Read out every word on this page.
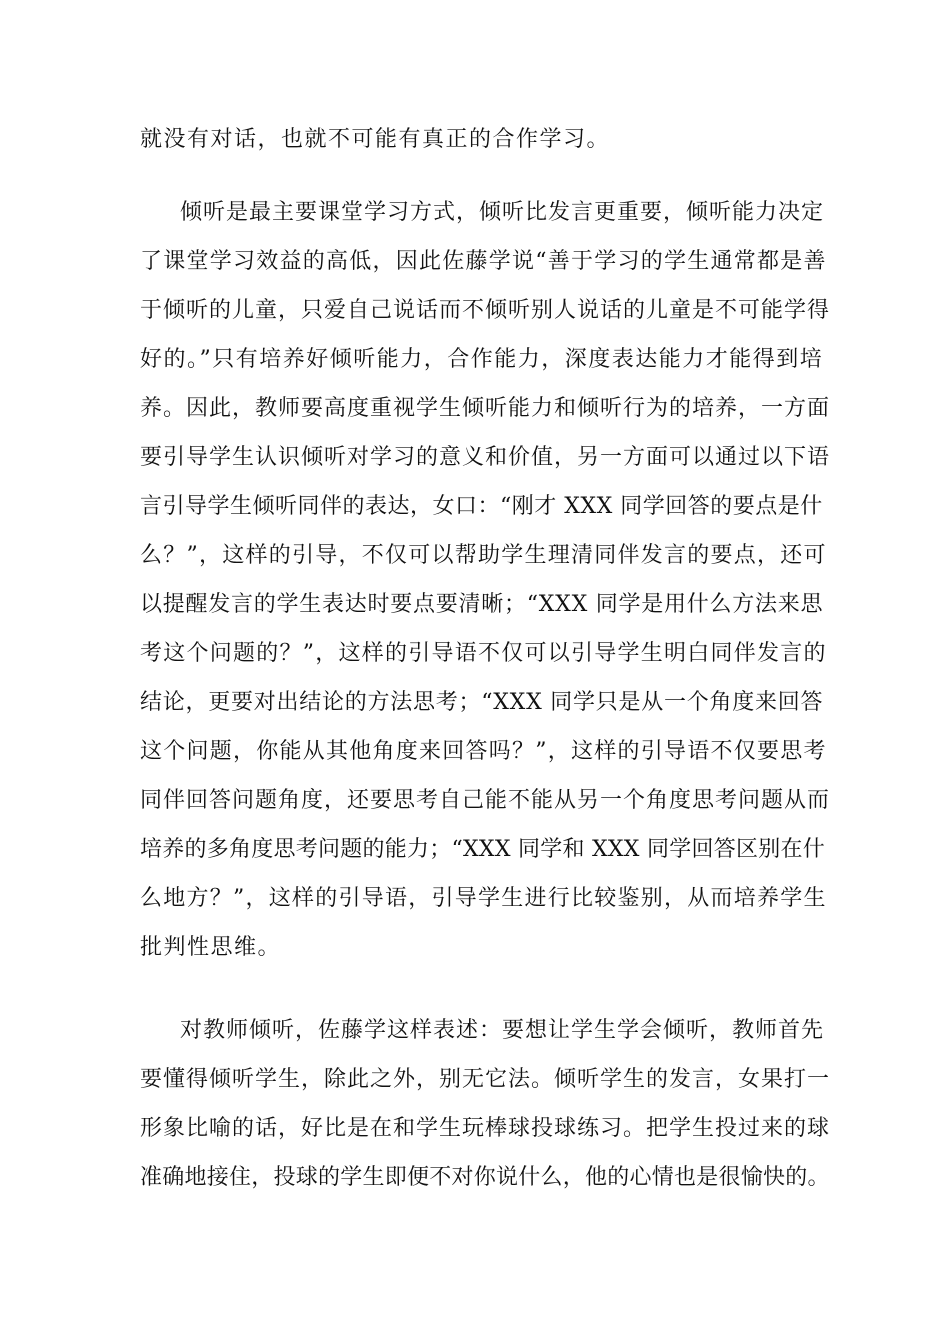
就没有对话，也就不可能有真正的合作学习。
倾听是最主要课堂学习方式，倾听比发言更重要，倾听能力决定
了课堂学习效益的高低，因此佐藤学说“善于学习的学生通常都是善
于倾听的儿童，只爱自己说话而不倾听别人说话的儿童是不可能学得
好的。”只有培养好倾听能力，合作能力，深度表达能力才能得到培
养。因此，教师要高度重视学生倾听能力和倾听行为的培养，一方面
要引导学生认识倾听对学习的意义和价值，另一方面可以通过以下语
言引导学生倾听同伴的表达，女口：“刚才 XXX 同学回答的要点是什
么？”，这样的引导，不仅可以帮助学生理清同伴发言的要点，还可
以提醒发言的学生表达时要点要清晰；“XXX 同学是用什么方法来思
考这个问题的？”，这样的引导语不仅可以引导学生明白同伴发言的
结论，更要对出结论的方法思考；“XXX 同学只是从一个角度来回答
这个问题，你能从其他角度来回答吗？”，这样的引导语不仅要思考
同伴回答问题角度，还要思考自己能不能从另一个角度思考问题从而
培养的多角度思考问题的能力；“XXX 同学和 XXX 同学回答区别在什
么地方？”，这样的引导语，引导学生进行比较鉴别，从而培养学生
批判性思维。
对教师倾听，佐藤学这样表述：要想让学生学会倾听，教师首先
要懂得倾听学生，除此之外，别无它法。倾听学生的发言，女果打一
形象比喻的话，好比是在和学生玩棒球投球练习。把学生投过来的球
准确地接住，投球的学生即便不对你说什么，他的心情也是很愉快的。
